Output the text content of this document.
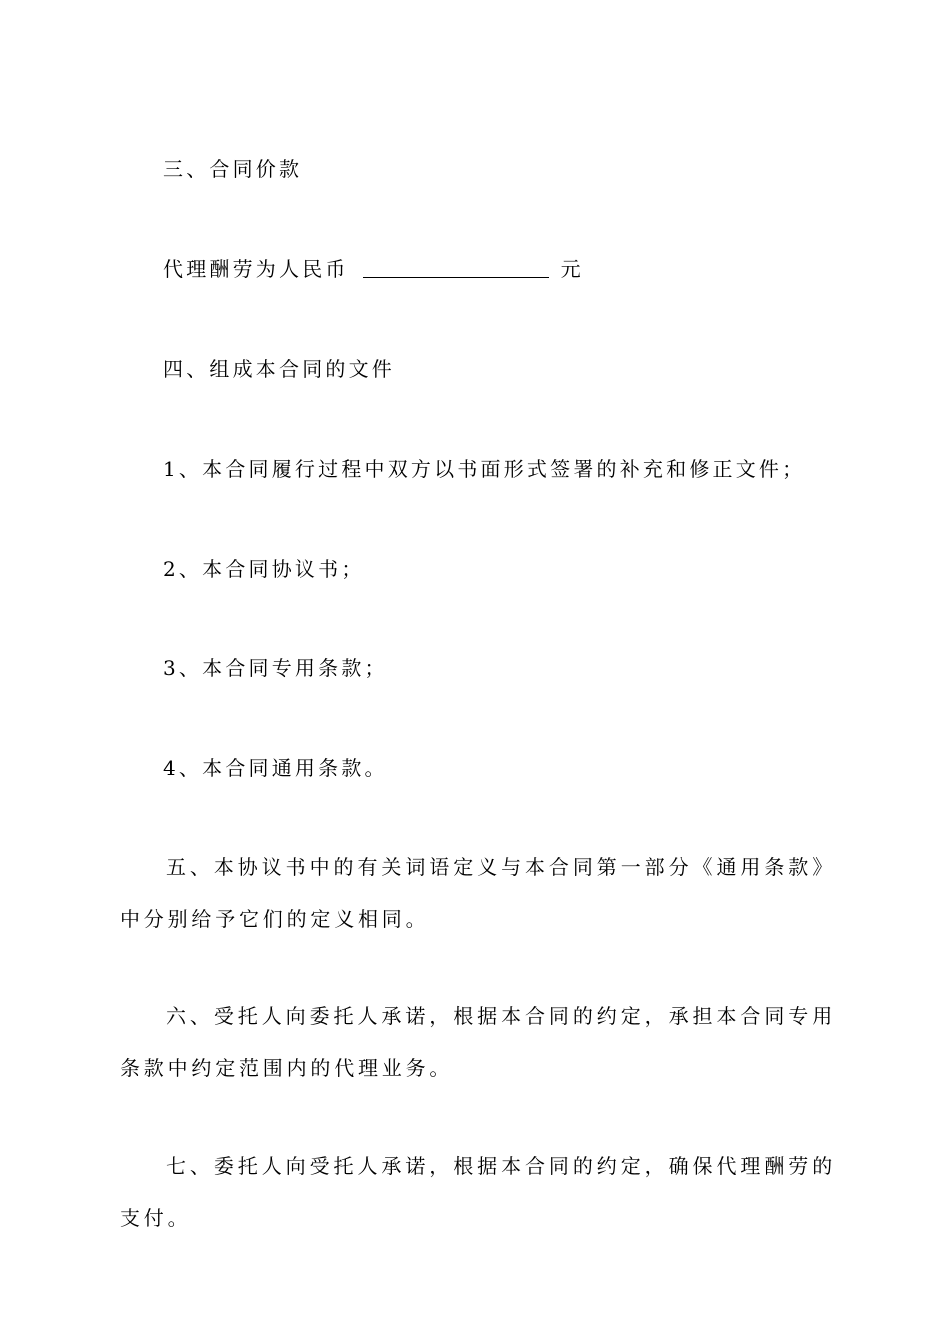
三、合同价款
代理酬劳为人民币	元
四、组成本合同的文件
1、本合同履行过程中双方以书面形式签署的补充和修正文件；
2、本合同协议书；
3、本合同专用条款；
4、本合同通用条款。
五、本协议书中的有关词语定义与本合同第一部分《通用条款》中分别给予它们的定义相同。
六、受托人向委托人承诺，根据本合同的约定，承担本合同专用条款中约定范围内的代理业务。
七、委托人向受托人承诺，根据本合同的约定，确保代理酬劳的支付。
